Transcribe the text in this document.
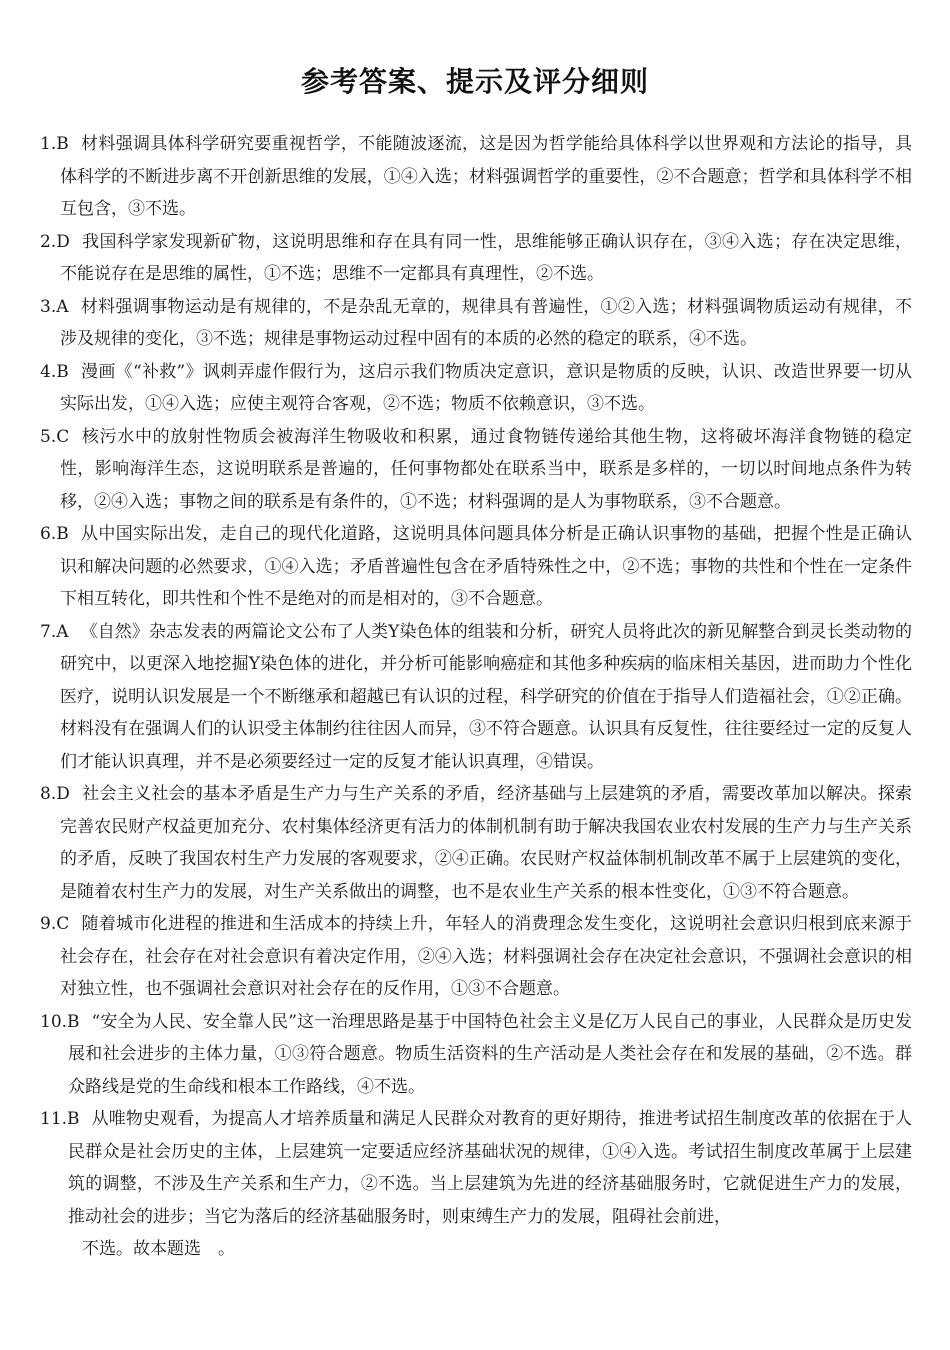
参考答案、提示及评分细则
1.B 材料强调具体科学研究要重视哲学，不能随波逐流，这是因为哲学能给具体科学以世界观和方法论的指导，具体科学的不断进步离不开创新思维的发展，①④入选；材料强调哲学的重要性，②不合题意；哲学和具体科学不相互包含，③不选。
2.D 我国科学家发现新矿物，这说明思维和存在具有同一性，思维能够正确认识存在，③④入选；存在决定思维，不能说存在是思维的属性，①不选；思维不一定都具有真理性，②不选。
3.A 材料强调事物运动是有规律的，不是杂乱无章的，规律具有普遍性，①②入选；材料强调物质运动有规律，不涉及规律的变化，③不选；规律是事物运动过程中固有的本质的必然的稳定的联系，④不选。
4.B 漫画《“补救”》讽刺弄虚作假行为，这启示我们物质决定意识，意识是物质的反映，认识、改造世界要一切从实际出发，①④入选；应使主观符合客观，②不选；物质不依赖意识，③不选。
5.C 核污水中的放射性物质会被海洋生物吸收和积累，通过食物链传递给其他生物，这将破坏海洋食物链的稳定性，影响海洋生态，这说明联系是普遍的，任何事物都处在联系当中，联系是多样的，一切以时间地点条件为转移，②④入选；事物之间的联系是有条件的，①不选；材料强调的是人为事物联系，③不合题意。
6.B 从中国实际出发，走自己的现代化道路，这说明具体问题具体分析是正确认识事物的基础，把握个性是正确认识和解决问题的必然要求，①④入选；矛盾普遍性包含在矛盾特殊性之中，②不选；事物的共性和个性在一定条件下相互转化，即共性和个性不是绝对的而是相对的，③不合题意。
7.A 《自然》杂志发表的两篇论文公布了人类Y染色体的组装和分析，研究人员将此次的新见解整合到灵长类动物的研究中，以更深入地挖掘Y染色体的进化，并分析可能影响癌症和其他多种疾病的临床相关基因，进而助力个性化医疗，说明认识发展是一个不断继承和超越已有认识的过程，科学研究的价值在于指导人们造福社会，①②正确。材料没有在强调人们的认识受主体制约往往因人而异，③不符合题意。认识具有反复性，往往要经过一定的反复人们才能认识真理，并不是必须要经过一定的反复才能认识真理，④错误。
8.D 社会主义社会的基本矛盾是生产力与生产关系的矛盾，经济基础与上层建筑的矛盾，需要改革加以解决。探索完善农民财产权益更加充分、农村集体经济更有活力的体制机制有助于解决我国农业农村发展的生产力与生产关系的矛盾，反映了我国农村生产力发展的客观要求，②④正确。农民财产权益体制机制改革不属于上层建筑的变化，是随着农村生产力的发展，对生产关系做出的调整，也不是农业生产关系的根本性变化，①③不符合题意。
9.C 随着城市化进程的推进和生活成本的持续上升，年轻人的消费理念发生变化，这说明社会意识归根到底来源于社会存在，社会存在对社会意识有着决定作用，②④入选；材料强调社会存在决定社会意识，不强调社会意识的相对独立性，也不强调社会意识对社会存在的反作用，①③不合题意。
10.B “安全为人民、安全靠人民”这一治理思路是基于中国特色社会主义是亿万人民自己的事业，人民群众是历史发展和社会进步的主体力量，①③符合题意。物质生活资料的生产活动是人类社会存在和发展的基础，②不选。群众路线是党的生命线和根本工作路线，④不选。
11.B 从唯物史观看，为提高人才培养质量和满足人民群众对教育的更好期待，推进考试招生制度改革的依据在于人民群众是社会历史的主体，上层建筑一定要适应经济基础状况的规律，①④入选。考试招生制度改革属于上层建筑的调整，不涉及生产关系和生产力，②不选。当上层建筑为先进的经济基础服务时，它就促进生产力的发展，推动社会的进步；当它为落后的经济基础服务时，则束缚生产力的发展，阻碍社会前进，
不选。故本题选　。
